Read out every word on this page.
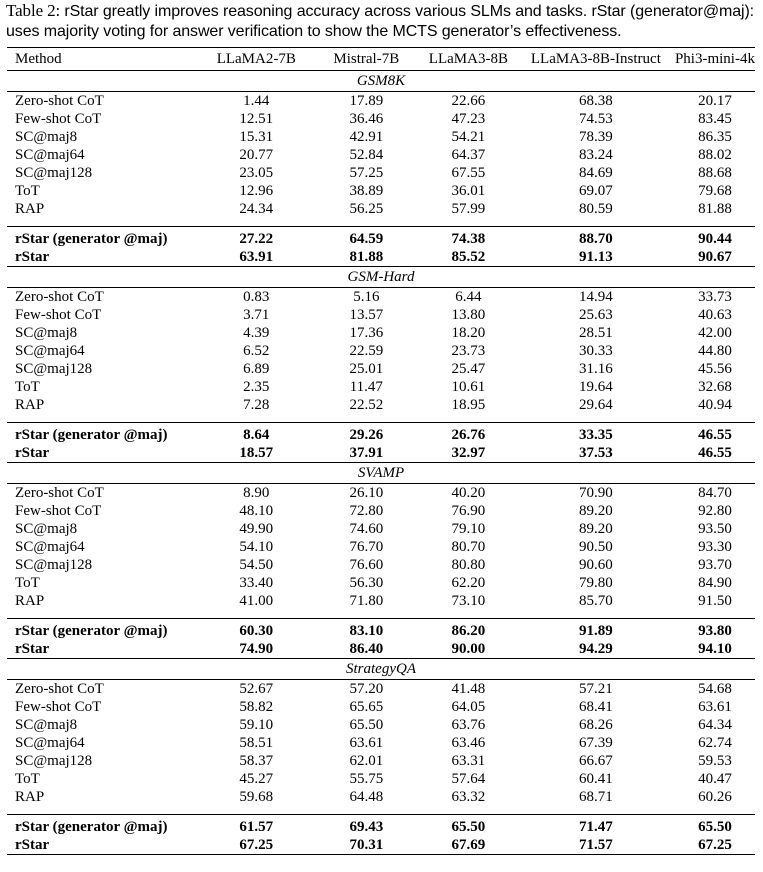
Table 2: rStar greatly improves reasoning accuracy across various SLMs and tasks. rStar (generator@maj): uses majority voting for answer verification to show the MCTS generator’s effectiveness.
Method	LLaMA2-7B	Mistral-7B	LLaMA3-8B	LLaMA3-8B-Instruct	Phi3-mini-4k
GSM8K					
Zero-shot CoT	1.44	17.89	22.66	68.38	20.17
Few-shot CoT	12.51	36.46	47.23	74.53	83.45
SC@maj8	15.31	42.91	54.21	78.39	86.35
SC@maj64	20.77	52.84	64.37	83.24	88.02
SC@maj128	23.05	57.25	67.55	84.69	88.68
ToT	12.96	38.89	36.01	69.07	79.68
RAP	24.34	56.25	57.99	80.59	81.88

rStar (generator @maj)	27.22	64.59	74.38	88.70	90.44
rStar	63.91	81.88	85.52	91.13	90.67
GSM-Hard					
Zero-shot CoT	0.83	5.16	6.44	14.94	33.73
Few-shot CoT	3.71	13.57	13.80	25.63	40.63
SC@maj8	4.39	17.36	18.20	28.51	42.00
SC@maj64	6.52	22.59	23.73	30.33	44.80
SC@maj128	6.89	25.01	25.47	31.16	45.56
ToT	2.35	11.47	10.61	19.64	32.68
RAP	7.28	22.52	18.95	29.64	40.94

rStar (generator @maj)	8.64	29.26	26.76	33.35	46.55
rStar	18.57	37.91	32.97	37.53	46.55
SVAMP					
Zero-shot CoT	8.90	26.10	40.20	70.90	84.70
Few-shot CoT	48.10	72.80	76.90	89.20	92.80
SC@maj8	49.90	74.60	79.10	89.20	93.50
SC@maj64	54.10	76.70	80.70	90.50	93.30
SC@maj128	54.50	76.60	80.80	90.60	93.70
ToT	33.40	56.30	62.20	79.80	84.90
RAP	41.00	71.80	73.10	85.70	91.50

rStar (generator @maj)	60.30	83.10	86.20	91.89	93.80
rStar	74.90	86.40	90.00	94.29	94.10
StrategyQA					
Zero-shot CoT	52.67	57.20	41.48	57.21	54.68
Few-shot CoT	58.82	65.65	64.05	68.41	63.61
SC@maj8	59.10	65.50	63.76	68.26	64.34
SC@maj64	58.51	63.61	63.46	67.39	62.74
SC@maj128	58.37	62.01	63.31	66.67	59.53
ToT	45.27	55.75	57.64	60.41	40.47
RAP	59.68	64.48	63.32	68.71	60.26

rStar (generator @maj)	61.57	69.43	65.50	71.47	65.50
rStar	67.25	70.31	67.69	71.57	67.25
